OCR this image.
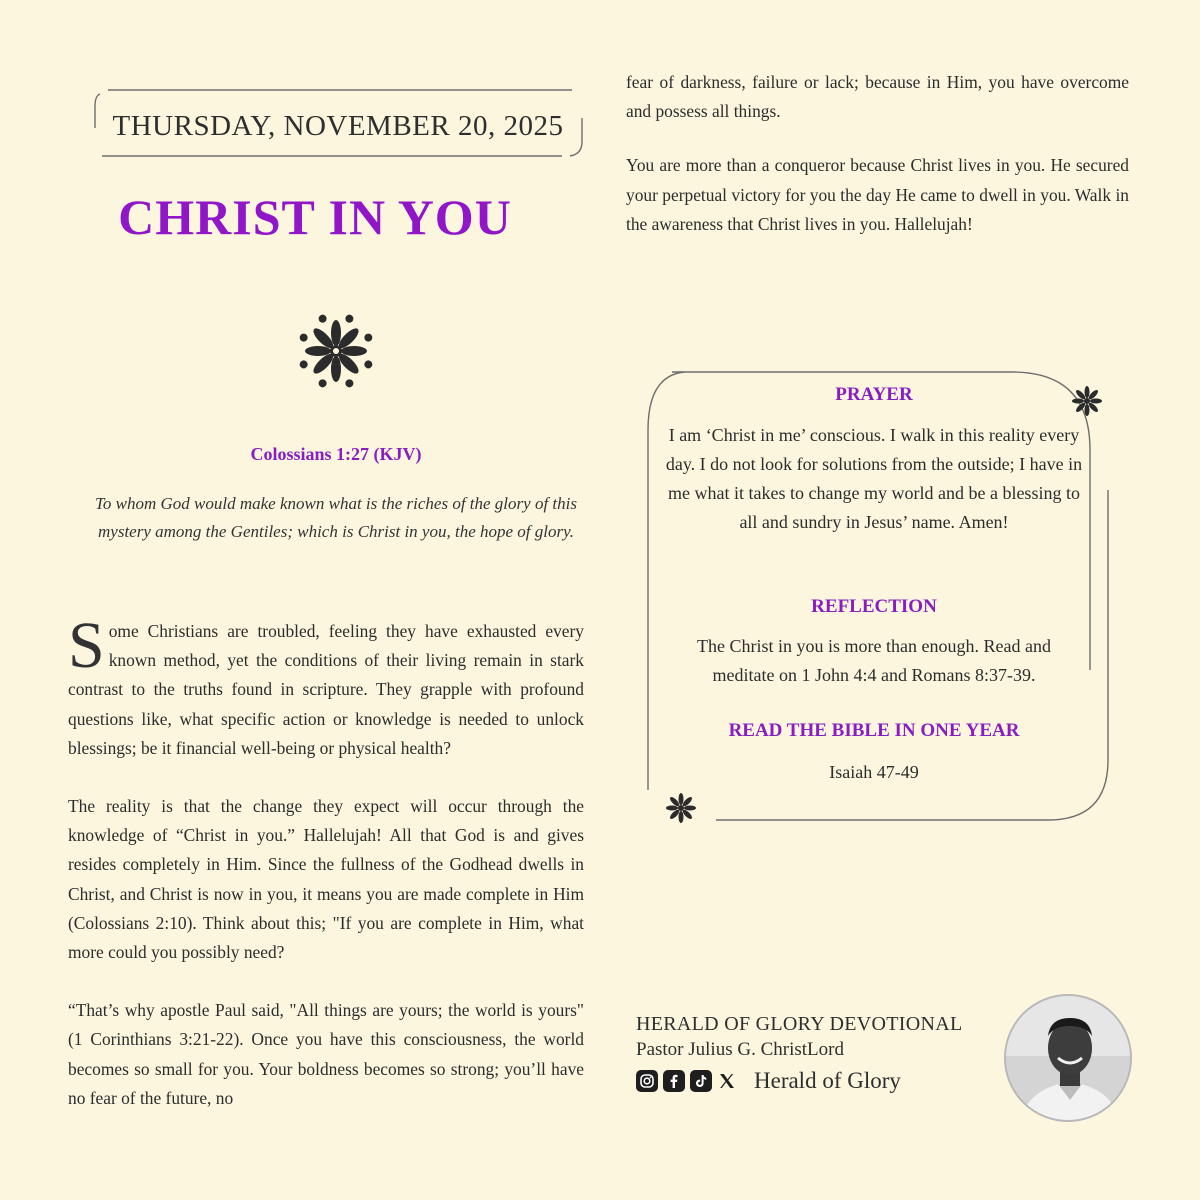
THURSDAY, NOVEMBER 20, 2025
CHRIST IN YOU
Colossians 1:27 (KJV)
To whom God would make known what is the riches of the glory of this mystery among the Gentiles; which is Christ in you, the hope of glory.

Some Christians are troubled, feeling they have exhausted every known method, yet the conditions of their living remain in stark contrast to the truths found in scripture. They grapple with profound questions like, what specific action or knowledge is needed to unlock blessings; be it financial well-being or physical health?

The reality is that the change they expect will occur through the knowledge of “Christ in you.” Hallelujah! All that God is and gives resides completely in Him. Since the fullness of the Godhead dwells in Christ, and Christ is now in you, it means you are made complete in Him (Colossians 2:10). Think about this; "If you are complete in Him, what more could you possibly need?

“That’s why apostle Paul said, "All things are yours; the world is yours" (1 Corinthians 3:21-22). Once you have this consciousness, the world becomes so small for you. Your boldness becomes so strong; you’ll have no fear of the future, no

fear of darkness, failure or lack; because in Him, you have overcome and possess all things.

You are more than a conqueror because Christ lives in you. He secured your perpetual victory for you the day He came to dwell in you. Walk in the awareness that Christ lives in you. Hallelujah!

PRAYER
I am ‘Christ in me’ conscious. I walk in this reality every day. I do not look for solutions from the outside; I have in me what it takes to change my world and be a blessing to all and sundry in Jesus’ name. Amen!
REFLECTION
The Christ in you is more than enough. Read and meditate on 1 John 4:4 and Romans 8:37-39.
READ THE BIBLE IN ONE YEAR
Isaiah 47-49
HERALD OF GLORY DEVOTIONAL
Pastor Julius G. ChristLord
Herald of Glory
